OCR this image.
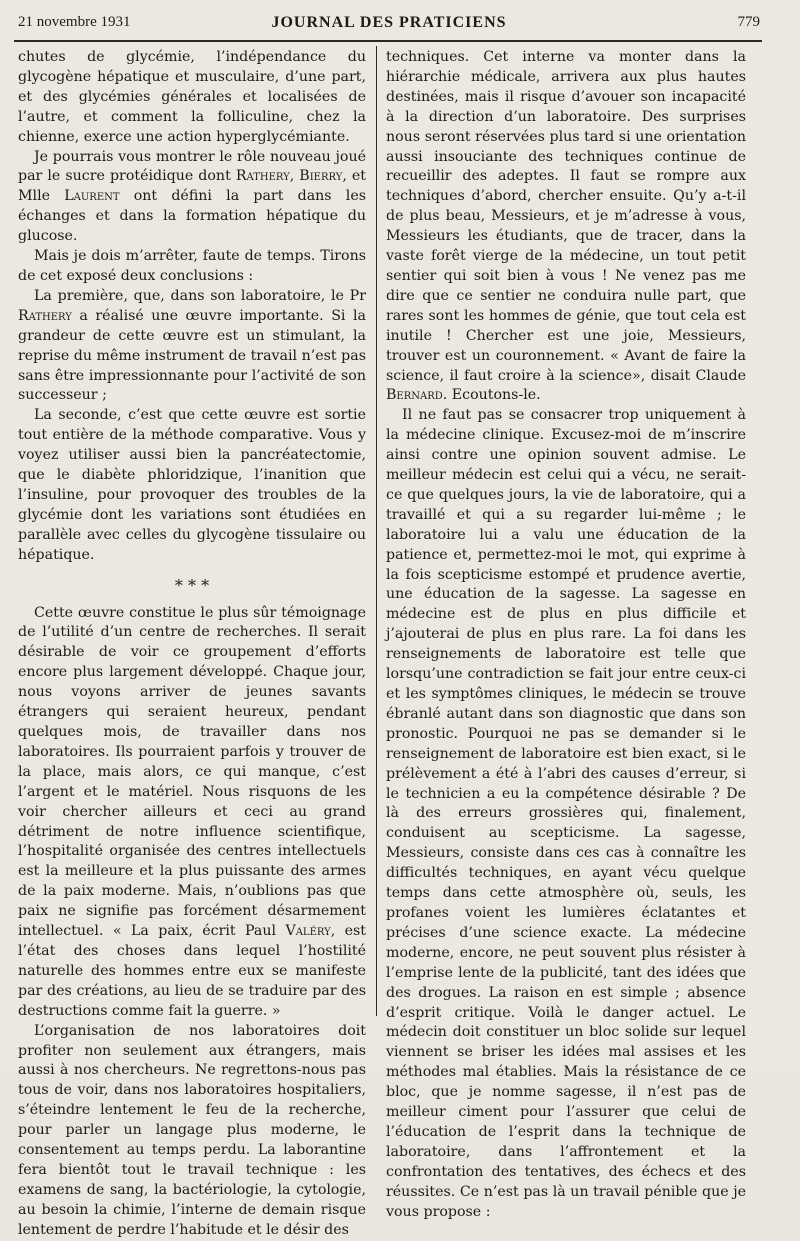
21 novembre 1931	JOURNAL DES PRATICIENS	779

chutes de glycémie, l’indépendance du glycogène hépatique et musculaire, d’une part, et des glycémies générales et localisées de l’autre, et comment la folliculine, chez la chienne, exerce une action hyperglycémiante.

Je pourrais vous montrer le rôle nouveau joué par le sucre protéidique dont Rathery, Bierry, et Mlle Laurent ont défini la part dans les échanges et dans la formation hépatique du glucose.

Mais je dois m’arrêter, faute de temps. Tirons de cet exposé deux conclusions :

La première, que, dans son laboratoire, le Pr Rathery a réalisé une œuvre importante. Si la grandeur de cette œuvre est un stimulant, la reprise du même instrument de travail n’est pas sans être impressionnante pour l’activité de son successeur ;

La seconde, c’est que cette œuvre est sortie tout entière de la méthode comparative. Vous y voyez utiliser aussi bien la pancréatectomie, que le diabète phloridzique, l’inanition que l’insuline, pour provoquer des troubles de la glycémie dont les variations sont étudiées en parallèle avec celles du glycogène tissulaire ou hépatique.

* * *

Cette œuvre constitue le plus sûr témoignage de l’utilité d’un centre de recherches. Il serait désirable de voir ce groupement d’efforts encore plus largement développé. Chaque jour, nous voyons arriver de jeunes savants étrangers qui seraient heureux, pendant quelques mois, de travailler dans nos laboratoires. Ils pourraient parfois y trouver de la place, mais alors, ce qui manque, c’est l’argent et le matériel. Nous risquons de les voir chercher ailleurs et ceci au grand détriment de notre influence scientifique, l’hospitalité organisée des centres intellectuels est la meilleure et la plus puissante des armes de la paix moderne. Mais, n’oublions pas que paix ne signifie pas forcément désarmement intellectuel. « La paix, écrit Paul Valéry, est l’état des choses dans lequel l’hostilité naturelle des hommes entre eux se manifeste par des créations, au lieu de se traduire par des destructions comme fait la guerre. »

L’organisation de nos laboratoires doit profiter non seulement aux étrangers, mais aussi à nos chercheurs. Ne regrettons-nous pas tous de voir, dans nos laboratoires hospitaliers, s’éteindre lentement le feu de la recherche, pour parler un langage plus moderne, le consentement au temps perdu. La laborantine fera bientôt tout le travail technique : les examens de sang, la bactériologie, la cytologie, au besoin la chimie, l’interne de demain risque lentement de perdre l’habitude et le désir des

techniques. Cet interne va monter dans la hiérarchie médicale, arrivera aux plus hautes destinées, mais il risque d’avouer son incapacité à la direction d’un laboratoire. Des surprises nous seront réservées plus tard si une orientation aussi insouciante des techniques continue de recueillir des adeptes. Il faut se rompre aux techniques d’abord, chercher ensuite. Qu’y a-t-il de plus beau, Messieurs, et je m’adresse à vous, Messieurs les étudiants, que de tracer, dans la vaste forêt vierge de la médecine, un tout petit sentier qui soit bien à vous ! Ne venez pas me dire que ce sentier ne conduira nulle part, que rares sont les hommes de génie, que tout cela est inutile ! Chercher est une joie, Messieurs, trouver est un couronnement. « Avant de faire la science, il faut croire à la science», disait Claude Bernard. Ecoutons-le.

Il ne faut pas se consacrer trop uniquement à la médecine clinique. Excusez-moi de m’inscrire ainsi contre une opinion souvent admise. Le meilleur médecin est celui qui a vécu, ne serait-ce que quelques jours, la vie de laboratoire, qui a travaillé et qui a su regarder lui-même ; le laboratoire lui a valu une éducation de la patience et, permettez-moi le mot, qui exprime à la fois scepticisme estompé et prudence avertie, une éducation de la sagesse. La sagesse en médecine est de plus en plus difficile et j’ajouterai de plus en plus rare. La foi dans les renseignements de laboratoire est telle que lorsqu’une contradiction se fait jour entre ceux-ci et les symptômes cliniques, le médecin se trouve ébranlé autant dans son diagnostic que dans son pronostic. Pourquoi ne pas se demander si le renseignement de laboratoire est bien exact, si le prélèvement a été à l’abri des causes d’erreur, si le technicien a eu la compétence désirable ? De là des erreurs grossières qui, finalement, conduisent au scepticisme. La sagesse, Messieurs, consiste dans ces cas à connaître les difficultés techniques, en ayant vécu quelque temps dans cette atmosphère où, seuls, les profanes voient les lumières éclatantes et précises d’une science exacte. La médecine moderne, encore, ne peut souvent plus résister à l’emprise lente de la publicité, tant des idées que des drogues. La raison en est simple ; absence d’esprit critique. Voilà le danger actuel. Le médecin doit constituer un bloc solide sur lequel viennent se briser les idées mal assises et les méthodes mal établies. Mais la résistance de ce bloc, que je nomme sagesse, il n’est pas de meilleur ciment pour l’assurer que celui de l’éducation de l’esprit dans la technique de laboratoire, dans l’affrontement et la confrontation des tentatives, des échecs et des réussites. Ce n’est pas là un travail pénible que je vous propose :
